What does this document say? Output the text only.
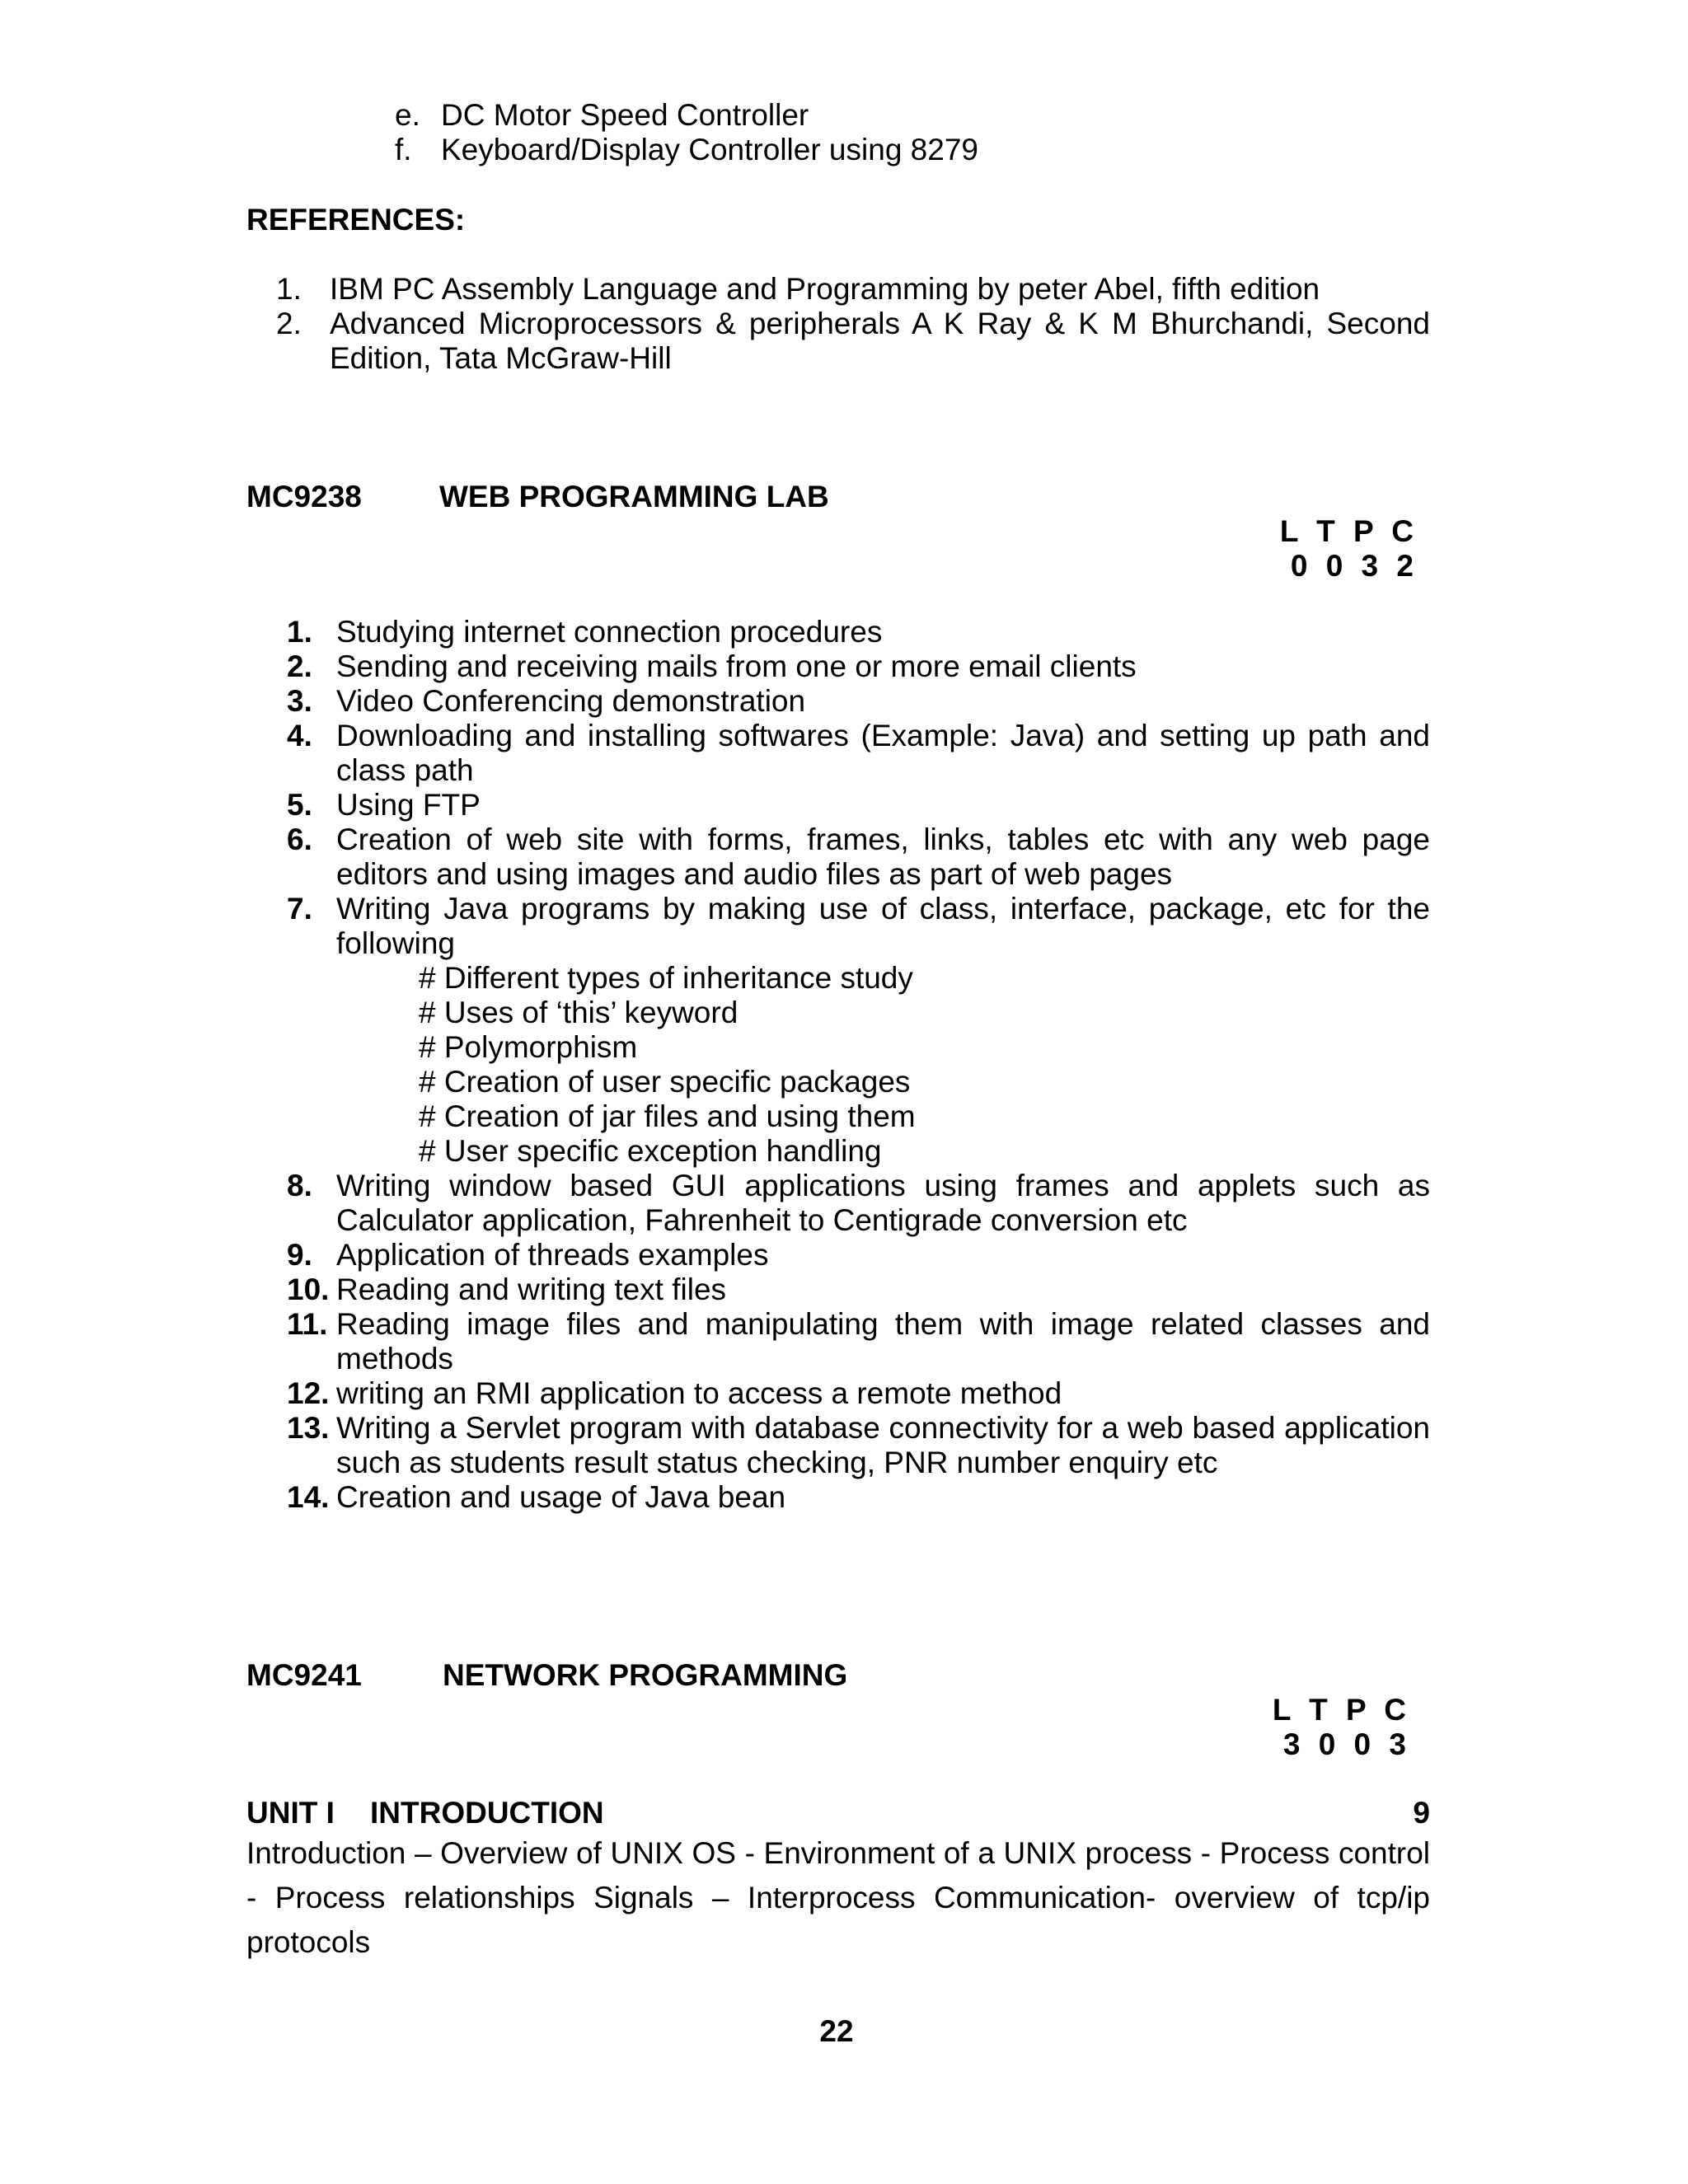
e. DC Motor Speed Controller
f. Keyboard/Display Controller using 8279
REFERENCES:
1. IBM PC Assembly Language and Programming by peter Abel, fifth edition
2. Advanced Microprocessors & peripherals A K Ray & K M Bhurchandi, Second Edition, Tata McGraw-Hill
MC9238	WEB PROGRAMMING LAB
L T P C
0 0 3 2
1. Studying internet connection procedures
2. Sending and receiving mails from one or more email clients
3. Video Conferencing demonstration
4. Downloading and installing softwares (Example: Java) and setting up path and class path
5. Using FTP
6. Creation of web site with forms, frames, links, tables etc with any web page editors and using images and audio files as part of web pages
7. Writing Java programs by making use of class, interface, package, etc for the following
# Different types of inheritance study
# Uses of ‘this’ keyword
# Polymorphism
# Creation of user specific packages
# Creation of jar files and using them
# User specific exception handling
8. Writing window based GUI applications using frames and applets such as Calculator application, Fahrenheit to Centigrade conversion etc
9. Application of threads examples
10. Reading and writing text files
11. Reading image files and manipulating them with image related classes and methods
12. writing an RMI application to access a remote method
13. Writing a Servlet program with database connectivity for a web based application such as students result status checking, PNR number enquiry etc
14. Creation and usage of Java bean
MC9241	NETWORK PROGRAMMING
L T P C
3 0 0 3
UNIT I INTRODUCTION	9
Introduction – Overview of UNIX OS - Environment of a UNIX process - Process control - Process relationships Signals – Interprocess Communication- overview of tcp/ip protocols
22
